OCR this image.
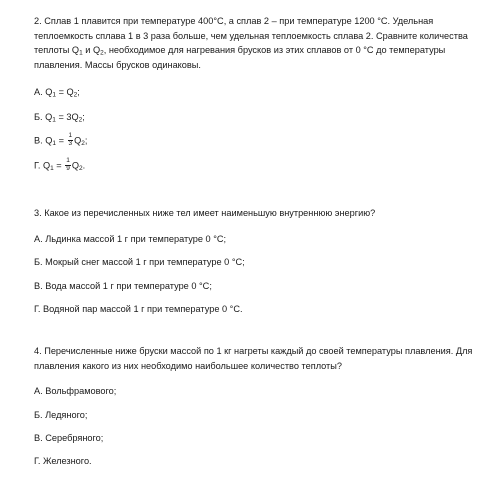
2. Сплав 1 плавится при температуре 400°С, а сплав 2 – при температуре 1200 °С. Удельная теплоемкость сплава 1 в 3 раза больше, чем удельная теплоемкость сплава 2. Сравните количества теплоты $Q_1$ и $Q_2$, необходимое для нагревания брусков из этих сплавов от 0 °С до температуры плавления. Массы брусков одинаковы.

А. $Q_1 = Q_2$;
Б. $Q_1 = 3Q_2$;
В. $Q_1 = \frac{1}{3} Q_2$;
Г. $Q_1 = \frac{1}{9} Q_2$.

3. Какое из перечисленных ниже тел имеет наименьшую внутреннюю энергию?

А. Льдинка массой 1 г при температуре 0 °С;
Б. Мокрый снег массой 1 г при температуре 0 °С;
В. Вода массой 1 г при температуре 0 °С;
Г. Водяной пар массой 1 г при температуре 0 °С.

4. Перечисленные ниже бруски массой по 1 кг нагреты каждый до своей температуры плавления. Для плавления какого из них необходимо наибольшее количество теплоты?

А. Вольфрамового;
Б. Ледяного;
В. Серебряного;
Г. Железного.
